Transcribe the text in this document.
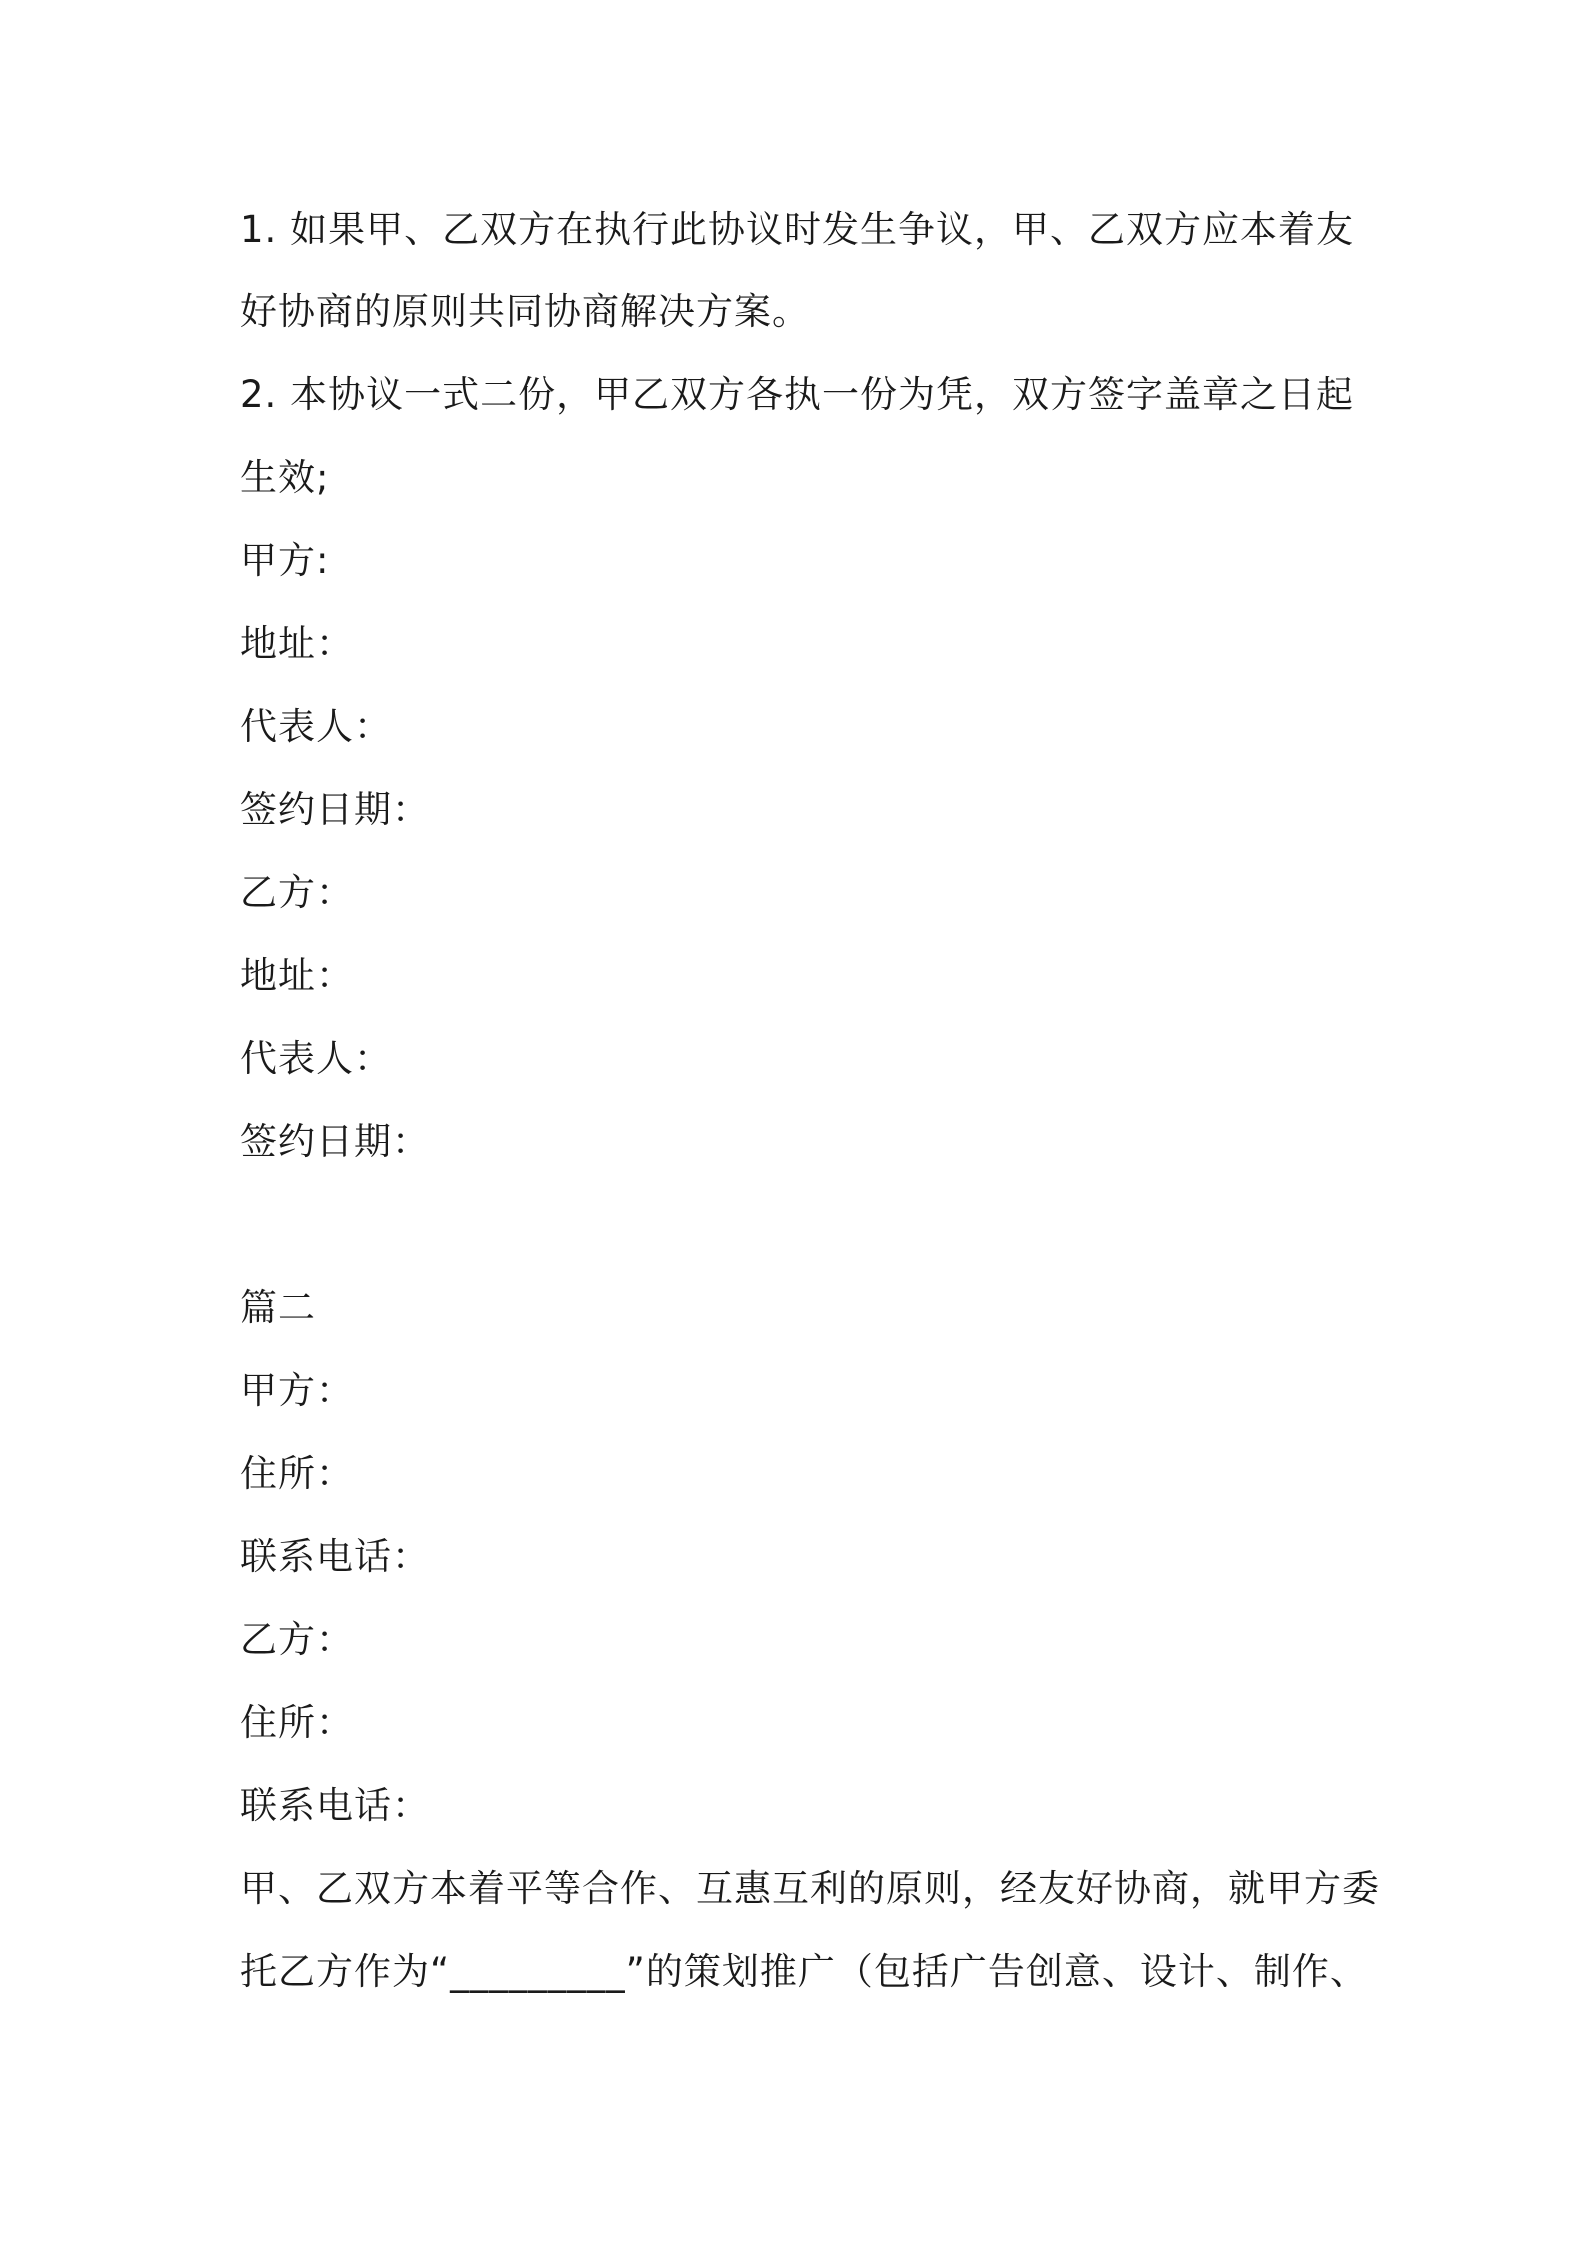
1. 如果甲、乙双方在执行此协议时发生争议，甲、乙双方应本着友
好协商的原则共同协商解决方案。
2. 本协议一式二份，甲乙双方各执一份为凭，双方签字盖章之日起
生效;
甲方:
地址：
代表人：
签约日期：
乙方：
地址：
代表人：
签约日期：
篇二
甲方：
住所：
联系电话：
乙方：
住所：
联系电话：
甲、乙双方本着平等合作、互惠互利的原则，经友好协商，就甲方委
托乙方作为“_________”的策划推广（包括广告创意、设计、制作、
